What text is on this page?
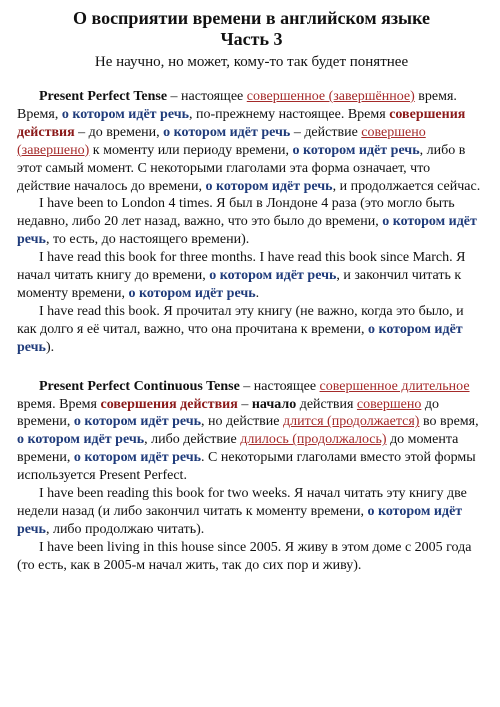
О восприятии времени в английском языке
Часть 3

Не научно, но может, кому-то так будет понятнее

Present Perfect Tense – настоящее совершенное (завершённое) время. Время, о котором идёт речь, по-прежнему настоящее. Время совершения действия – до времени, о котором идёт речь – действие совершено (завершено) к моменту или периоду времени, о котором идёт речь, либо в этот самый момент. С некоторыми глаголами эта форма означает, что действие началось до времени, о котором идёт речь, и продолжается сейчас.

I have been to London 4 times. Я был в Лондоне 4 раза (это могло быть недавно, либо 20 лет назад, важно, что это было до времени, о котором идёт речь, то есть, до настоящего времени).

I have read this book for three months. I have read this book since March. Я начал читать книгу до времени, о котором идёт речь, и закончил читать к моменту времени, о котором идёт речь.

I have read this book. Я прочитал эту книгу (не важно, когда это было, и как долго я её читал, важно, что она прочитана к времени, о котором идёт речь).

Present Perfect Continuous Tense – настоящее совершенное длительное время. Время совершения действия – начало действия совершено до времени, о котором идёт речь, но действие длится (продолжается) во время, о котором идёт речь, либо действие длилось (продолжалось) до момента времени, о котором идёт речь. С некоторыми глаголами вместо этой формы используется Present Perfect.

I have been reading this book for two weeks. Я начал читать эту книгу две недели назад (и либо закончил читать к моменту времени, о котором идёт речь, либо продолжаю читать).

I have been living in this house since 2005. Я живу в этом доме с 2005 года (то есть, как в 2005-м начал жить, так до сих пор и живу).
